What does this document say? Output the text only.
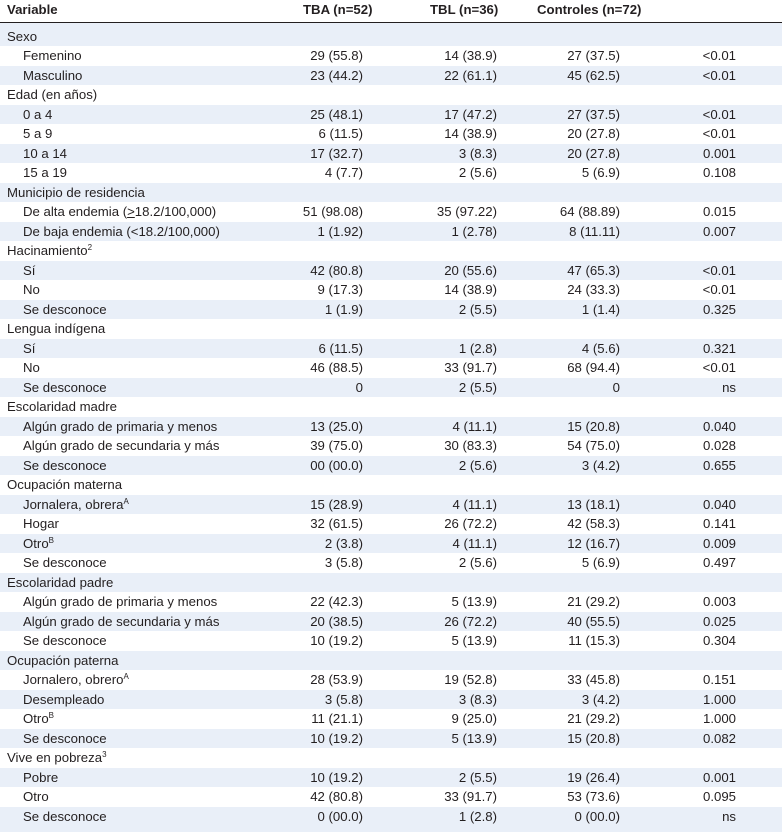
Variable	TBA (n=52)	TBL (n=36)	Controles (n=72)
Sexo
Femenino	29 (55.8)	14 (38.9)	27 (37.5)	<0.01
Masculino	23 (44.2)	22 (61.1)	45 (62.5)	<0.01
Edad (en años)
0 a 4	25 (48.1)	17 (47.2)	27 (37.5)	<0.01
5 a 9	6 (11.5)	14 (38.9)	20 (27.8)	<0.01
10 a 14	17 (32.7)	3 (8.3)	20 (27.8)	0.001
15 a 19	4 (7.7)	2 (5.6)	5 (6.9)	0.108
Municipio de residencia
De alta endemia (>18.2/100,000)	51 (98.08)	35 (97.22)	64 (88.89)	0.015
De baja endemia (<18.2/100,000)	1 (1.92)	1 (2.78)	8 (11.11)	0.007
Hacinamiento$^2$
Sí	42 (80.8)	20 (55.6)	47 (65.3)	<0.01
No	9 (17.3)	14 (38.9)	24 (33.3)	<0.01
Se desconoce	1 (1.9)	2 (5.5)	1 (1.4)	0.325
Lengua indígena
Sí	6 (11.5)	1 (2.8)	4 (5.6)	0.321
No	46 (88.5)	33 (91.7)	68 (94.4)	<0.01
Se desconoce	0	2 (5.5)	0	ns
Escolaridad madre
Algún grado de primaria y menos	13 (25.0)	4 (11.1)	15 (20.8)	0.040
Algún grado de secundaria y más	39 (75.0)	30 (83.3)	54 (75.0)	0.028
Se desconoce	00 (00.0)	2 (5.6)	3 (4.2)	0.655
Ocupación materna
Jornalera, obrera$^A$	15 (28.9)	4 (11.1)	13 (18.1)	0.040
Hogar	32 (61.5)	26 (72.2)	42 (58.3)	0.141
Otro$^B$	2 (3.8)	4 (11.1)	12 (16.7)	0.009
Se desconoce	3 (5.8)	2 (5.6)	5 (6.9)	0.497
Escolaridad padre
Algún grado de primaria y menos	22 (42.3)	5 (13.9)	21 (29.2)	0.003
Algún grado de secundaria y más	20 (38.5)	26 (72.2)	40 (55.5)	0.025
Se desconoce	10 (19.2)	5 (13.9)	11 (15.3)	0.304
Ocupación paterna
Jornalero, obrero$^A$	28 (53.9)	19 (52.8)	33 (45.8)	0.151
Desempleado	3 (5.8)	3 (8.3)	3 (4.2)	1.000
Otro$^B$	11 (21.1)	9 (25.0)	21 (29.2)	1.000
Se desconoce	10 (19.2)	5 (13.9)	15 (20.8)	0.082
Vive en pobreza$^3$
Pobre	10 (19.2)	2 (5.5)	19 (26.4)	0.001
Otro	42 (80.8)	33 (91.7)	53 (73.6)	0.095
Se desconoce	0 (00.0)	1 (2.8)	0 (00.0)	ns
